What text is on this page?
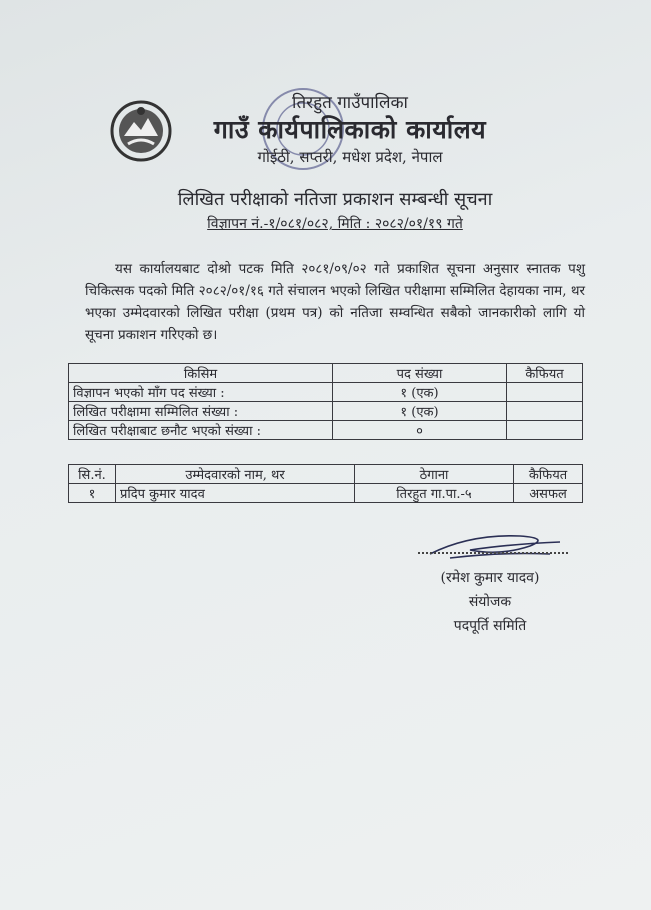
तिरहुत गाउँपालिका
गाउँ कार्यपालिकाको कार्यालय
गोईठी, सप्तरी, मधेश प्रदेश, नेपाल
लिखित परीक्षाको नतिजा प्रकाशन सम्बन्धी सूचना
विज्ञापन नं.-१/०८१/०८२, मिति : २०८२/०१/१९ गते
यस कार्यालयबाट दोश्रो पटक मिति २०८१/०९/०२ गते प्रकाशित सूचना अनुसार स्नातक पशु चिकित्सक पदको मिति २०८२/०१/१६ गते संचालन भएको लिखित परीक्षामा सम्मिलित देहायका नाम, थर भएका उम्मेदवारको लिखित परीक्षा (प्रथम पत्र) को नतिजा सम्वन्धित सबैको जानकारीको लागि यो सूचना प्रकाशन गरिएको छ।
किसिम	पद संख्या	कैफियत
विज्ञापन भएको माँग पद संख्या :	१ (एक)	
लिखित परीक्षामा सम्मिलित संख्या :	१ (एक)	
लिखित परीक्षाबाट छनौट भएको संख्या :	०	
सि.नं.	उम्मेदवारको नाम, थर	ठेगाना	कैफियत
१	प्रदिप कुमार यादव	तिरहुत गा.पा.-५	असफल
(रमेश कुमार यादव)
संयोजक
पदपूर्ति समिति
